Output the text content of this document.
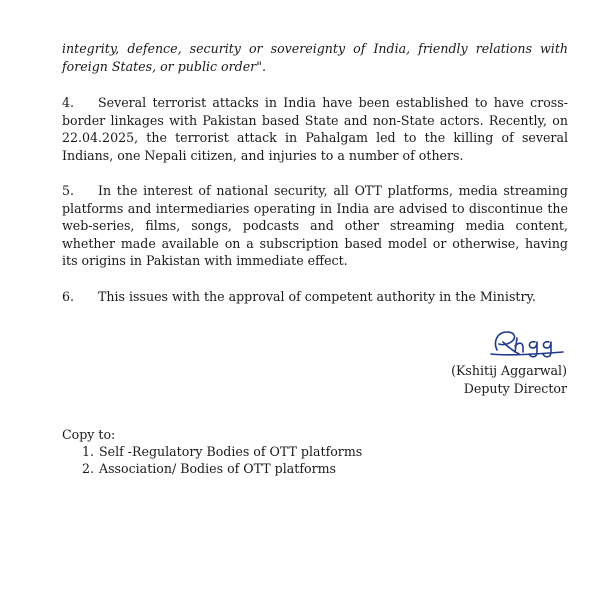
integrity, defence, security or sovereignty of India, friendly relations with foreign States, or public order".

4. Several terrorist attacks in India have been established to have cross-border linkages with Pakistan based State and non-State actors. Recently, on 22.04.2025, the terrorist attack in Pahalgam led to the killing of several Indians, one Nepali citizen, and injuries to a number of others.

5. In the interest of national security, all OTT platforms, media streaming platforms and intermediaries operating in India are advised to discontinue the web-series, films, songs, podcasts and other streaming media content, whether made available on a subscription based model or otherwise, having its origins in Pakistan with immediate effect.

6. This issues with the approval of competent authority in the Ministry.

(Kshitij Aggarwal)
Deputy Director
Copy to:
1. Self -Regulatory Bodies of OTT platforms
2. Association/ Bodies of OTT platforms
